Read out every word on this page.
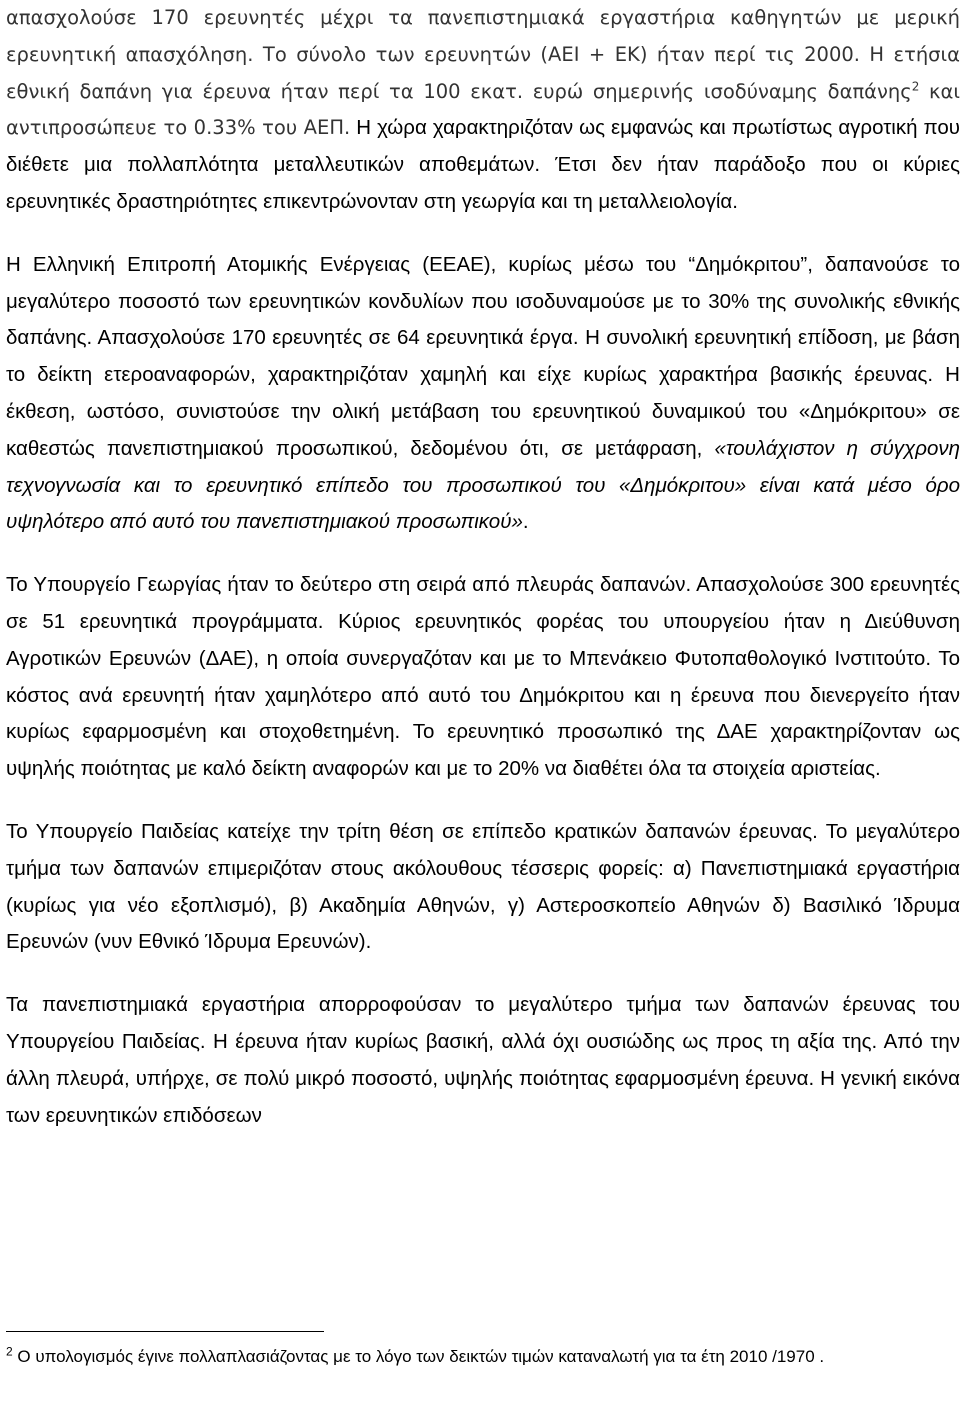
απασχολούσε 170 ερευνητές μέχρι τα πανεπιστημιακά εργαστήρια καθηγητών με μερική ερευνητική απασχόληση. Το σύνολο των ερευνητών (ΑΕΙ + ΕΚ) ήταν περί τις 2000. Η ετήσια εθνική δαπάνη για έρευνα ήταν περί τα 100 εκατ. ευρώ σημερινής ισοδύναμης δαπάνης$^2$ και αντιπροσώπευε το 0.33% του ΑΕΠ. Η χώρα χαρακτηριζόταν ως εμφανώς και πρωτίστως αγροτική που διέθετε μια πολλαπλότητα μεταλλευτικών αποθεμάτων. Έτσι δεν ήταν παράδοξο που οι κύριες ερευνητικές δραστηριότητες επικεντρώνονταν στη γεωργία και τη μεταλλειολογία.

Η Ελληνική Επιτροπή Ατομικής Ενέργειας (ΕΕΑΕ), κυρίως μέσω του “Δημόκριτου”, δαπανούσε το μεγαλύτερο ποσοστό των ερευνητικών κονδυλίων που ισοδυναμούσε με το 30% της συνολικής εθνικής δαπάνης. Απασχολούσε 170 ερευνητές σε 64 ερευνητικά έργα. Η συνολική ερευνητική επίδοση, με βάση το δείκτη ετεροαναφορών, χαρακτηριζόταν χαμηλή και είχε κυρίως χαρακτήρα βασικής έρευνας. Η έκθεση, ωστόσο, συνιστούσε την ολική μετάβαση του ερευνητικού δυναμικού του «Δημόκριτου» σε καθεστώς πανεπιστημιακού προσωπικού, δεδομένου ότι, σε μετάφραση, «τουλάχιστον η σύγχρονη τεχνογνωσία και το ερευνητικό επίπεδο του προσωπικού του «Δημόκριτου» είναι κατά μέσο όρο υψηλότερο από αυτό του πανεπιστημιακού προσωπικού».

Το Υπουργείο Γεωργίας ήταν το δεύτερο στη σειρά από πλευράς δαπανών. Απασχολούσε 300 ερευνητές σε 51 ερευνητικά προγράμματα. Κύριος ερευνητικός φορέας του υπουργείου ήταν η Διεύθυνση Αγροτικών Ερευνών (ΔΑΕ), η οποία συνεργαζόταν και με το Μπενάκειο Φυτοπαθολογικό Ινστιτούτο. Το κόστος ανά ερευνητή ήταν χαμηλότερο από αυτό του Δημόκριτου και η έρευνα που διενεργείτο ήταν κυρίως εφαρμοσμένη και στοχοθετημένη. Το ερευνητικό προσωπικό της ΔΑΕ χαρακτηρίζονταν ως υψηλής ποιότητας με καλό δείκτη αναφορών και με το 20% να διαθέτει όλα τα στοιχεία αριστείας.

Το Υπουργείο Παιδείας κατείχε την τρίτη θέση σε επίπεδο κρατικών δαπανών έρευνας. Το μεγαλύτερο τμήμα των δαπανών επιμεριζόταν στους ακόλουθους τέσσερις φορείς: α) Πανεπιστημιακά εργαστήρια (κυρίως για νέο εξοπλισμό), β) Ακαδημία Αθηνών, γ) Αστεροσκοπείο Αθηνών δ) Βασιλικό Ίδρυμα Ερευνών (νυν Εθνικό Ίδρυμα Ερευνών).

Τα πανεπιστημιακά εργαστήρια απορροφούσαν το μεγαλύτερο τμήμα των δαπανών έρευνας του Υπουργείου Παιδείας. Η έρευνα ήταν κυρίως βασική, αλλά όχι ουσιώδης ως προς τη αξία της. Από την άλλη πλευρά, υπήρχε, σε πολύ μικρό ποσοστό, υψηλής ποιότητας εφαρμοσμένη έρευνα. Η γενική εικόνα των ερευνητικών επιδόσεων

$^2$ Ο υπολογισμός έγινε πολλαπλασιάζοντας με το λόγο των δεικτών τιμών καταναλωτή για τα έτη 2010 /1970 .
